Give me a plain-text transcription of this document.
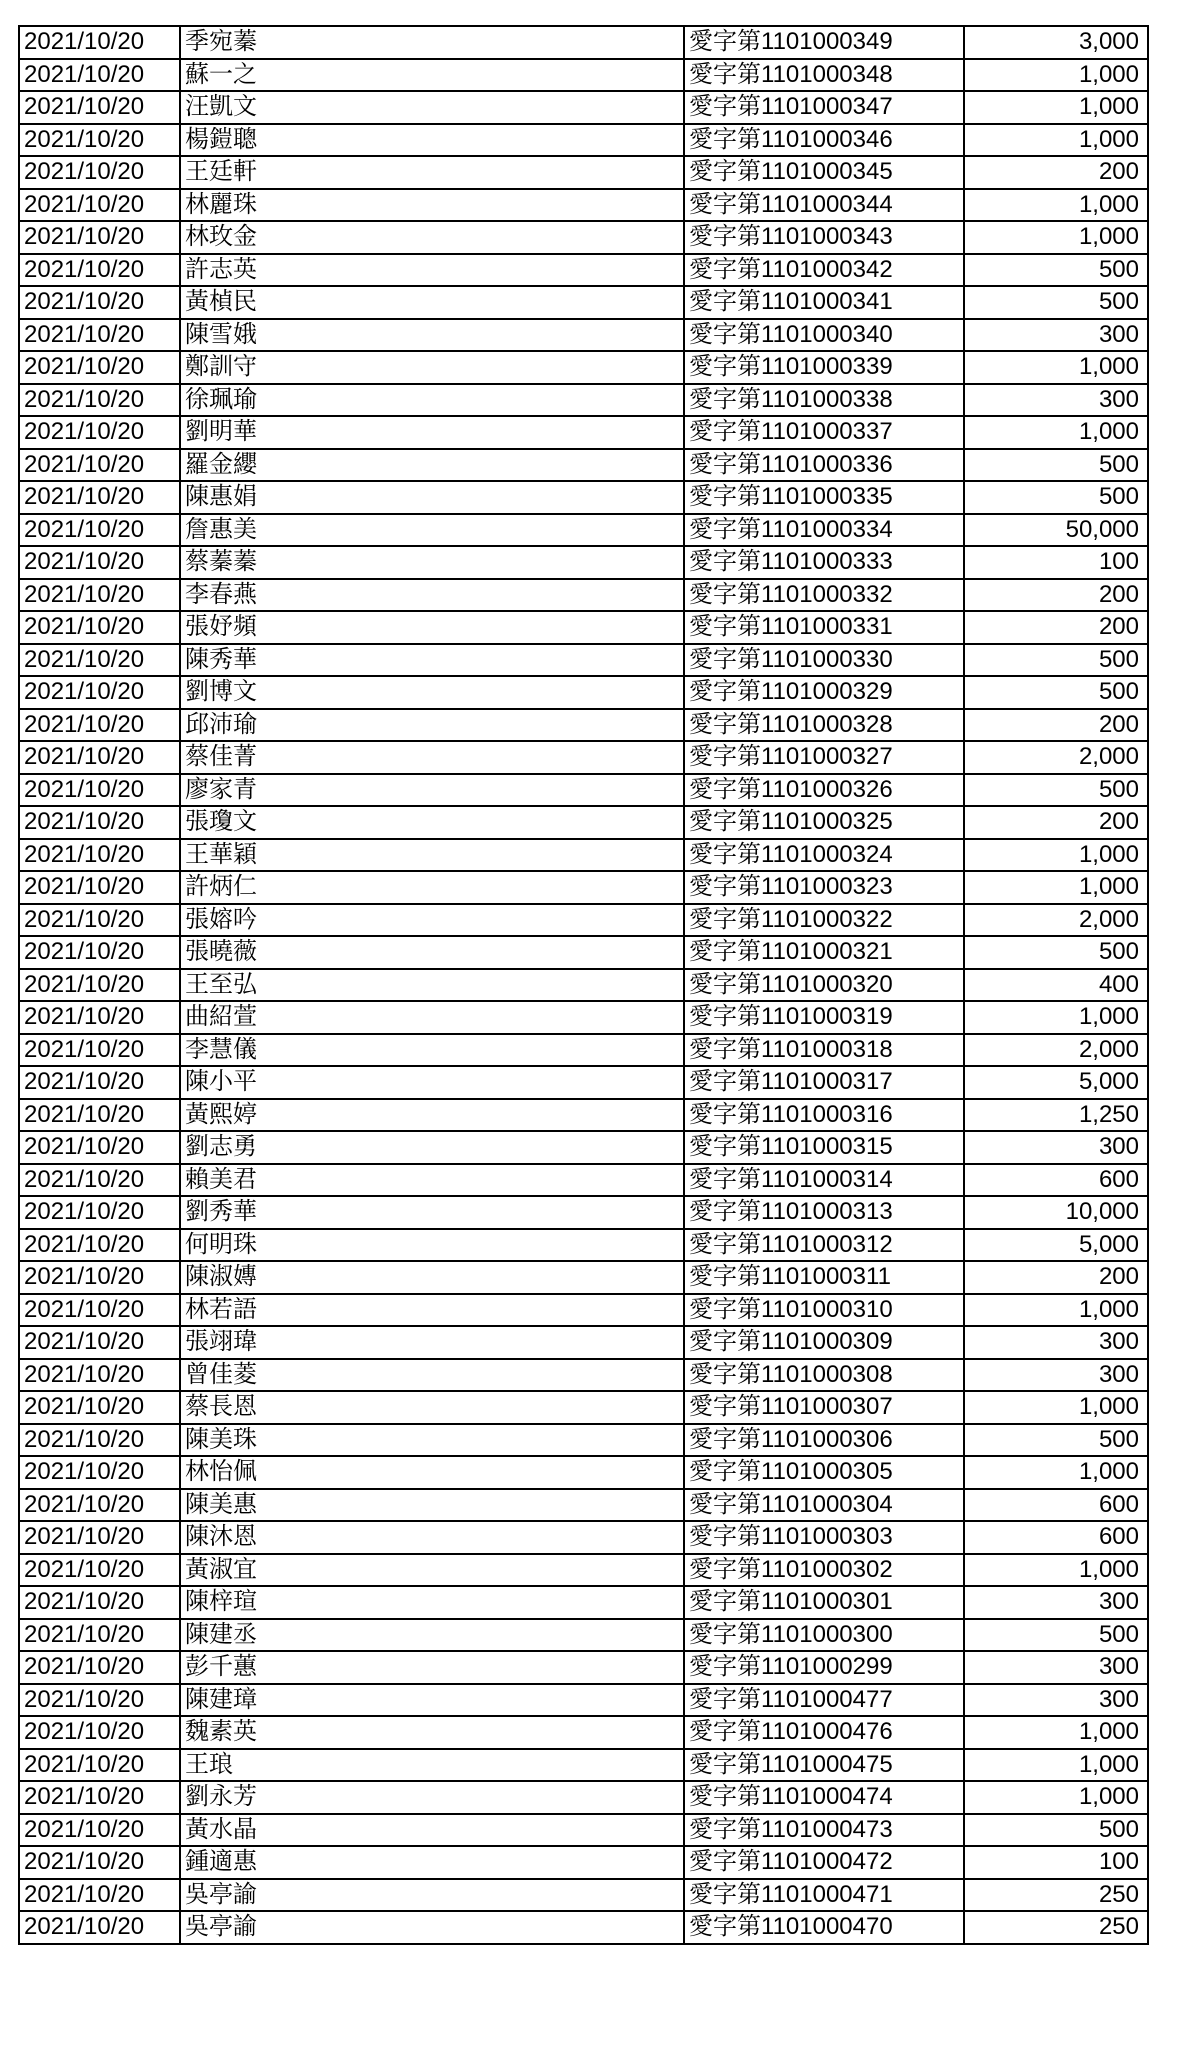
2021/10/20	季宛蓁	愛字第1101000349	3,000
2021/10/20	蘇一之	愛字第1101000348	1,000
2021/10/20	汪凱文	愛字第1101000347	1,000
2021/10/20	楊鎧聰	愛字第1101000346	1,000
2021/10/20	王廷軒	愛字第1101000345	200
2021/10/20	林麗珠	愛字第1101000344	1,000
2021/10/20	林玫金	愛字第1101000343	1,000
2021/10/20	許志英	愛字第1101000342	500
2021/10/20	黃楨民	愛字第1101000341	500
2021/10/20	陳雪娥	愛字第1101000340	300
2021/10/20	鄭訓守	愛字第1101000339	1,000
2021/10/20	徐珮瑜	愛字第1101000338	300
2021/10/20	劉明華	愛字第1101000337	1,000
2021/10/20	羅金纓	愛字第1101000336	500
2021/10/20	陳惠娟	愛字第1101000335	500
2021/10/20	詹惠美	愛字第1101000334	50,000
2021/10/20	蔡蓁蓁	愛字第1101000333	100
2021/10/20	李春燕	愛字第1101000332	200
2021/10/20	張妤頻	愛字第1101000331	200
2021/10/20	陳秀華	愛字第1101000330	500
2021/10/20	劉博文	愛字第1101000329	500
2021/10/20	邱沛瑜	愛字第1101000328	200
2021/10/20	蔡佳菁	愛字第1101000327	2,000
2021/10/20	廖家青	愛字第1101000326	500
2021/10/20	張瓊文	愛字第1101000325	200
2021/10/20	王華穎	愛字第1101000324	1,000
2021/10/20	許炳仁	愛字第1101000323	1,000
2021/10/20	張嫆吟	愛字第1101000322	2,000
2021/10/20	張曉薇	愛字第1101000321	500
2021/10/20	王至弘	愛字第1101000320	400
2021/10/20	曲紹萱	愛字第1101000319	1,000
2021/10/20	李慧儀	愛字第1101000318	2,000
2021/10/20	陳小平	愛字第1101000317	5,000
2021/10/20	黃熙婷	愛字第1101000316	1,250
2021/10/20	劉志勇	愛字第1101000315	300
2021/10/20	賴美君	愛字第1101000314	600
2021/10/20	劉秀華	愛字第1101000313	10,000
2021/10/20	何明珠	愛字第1101000312	5,000
2021/10/20	陳淑嫥	愛字第1101000311	200
2021/10/20	林若語	愛字第1101000310	1,000
2021/10/20	張翊瑋	愛字第1101000309	300
2021/10/20	曾佳菱	愛字第1101000308	300
2021/10/20	蔡長恩	愛字第1101000307	1,000
2021/10/20	陳美珠	愛字第1101000306	500
2021/10/20	林怡佩	愛字第1101000305	1,000
2021/10/20	陳美惠	愛字第1101000304	600
2021/10/20	陳沐恩	愛字第1101000303	600
2021/10/20	黃淑宜	愛字第1101000302	1,000
2021/10/20	陳梓瑄	愛字第1101000301	300
2021/10/20	陳建丞	愛字第1101000300	500
2021/10/20	彭千蕙	愛字第1101000299	300
2021/10/20	陳建璋	愛字第1101000477	300
2021/10/20	魏素英	愛字第1101000476	1,000
2021/10/20	王琅	愛字第1101000475	1,000
2021/10/20	劉永芳	愛字第1101000474	1,000
2021/10/20	黃水晶	愛字第1101000473	500
2021/10/20	鍾適惠	愛字第1101000472	100
2021/10/20	吳亭諭	愛字第1101000471	250
2021/10/20	吳亭諭	愛字第1101000470	250
